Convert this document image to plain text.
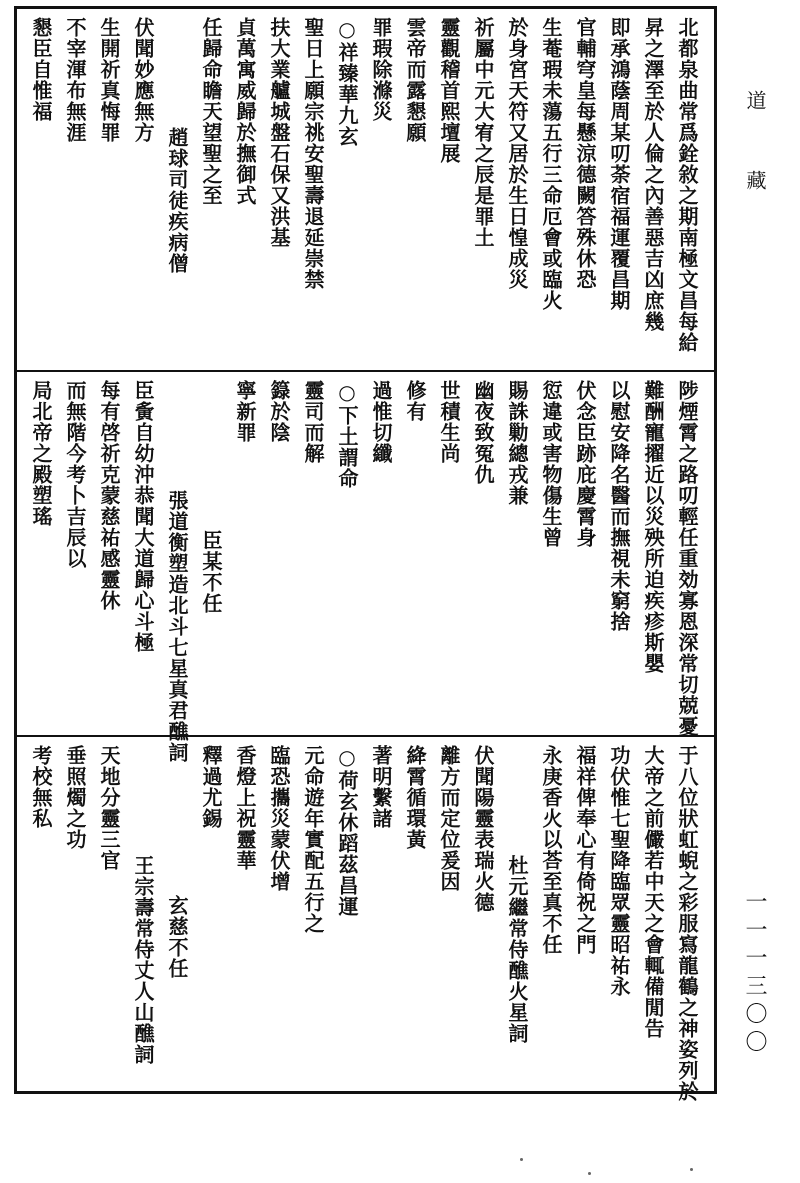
北都泉曲常爲銓敘之期南極文昌每給
昇之澤至於人倫之內善惡吉凶庶幾
即承鴻蔭周某叨荼宿福運覆昌期
官輔穹皇每懸涼德闕答殊休恐
生菴瑕未蕩五行三命厄會或臨火
於身宮天符又居於生日惶成災
祈屬中元大宥之辰是罪土
靈觀稽首熙壇展
雲帝而露懇願
罪瑕除滌災
○ 祥臻華九玄
聖日上願宗祧安聖壽退延崇禁
扶大業艫城盤石保又洪基
貞萬寓威歸於撫御式
任歸命瞻天望聖之至
趙球司徒疾病僧
伏聞妙應無方
生開祈真悔罪
不宰渾布無涯
懇臣自惟福
陟煙霄之路叨輕任重効寡恩深常切兢憂
難酬寵擢近以災殃所迫疾疹斯嬰
以慰安降名醫而撫視未窮捨
伏念臣跡庇慶霄身
愆違或害物傷生曾
賜誅勦總戎兼
幽夜致冤仇
世積生尚
修有
過惟切纖
○ 下土謂命
靈司而解
籙於陰
寧新罪
臣某不任
張道衡塑造北斗七星真君醮詞
臣夤自幼沖恭聞大道歸心斗極
每有啓祈克蒙慈祐感靈休
而無階今考卜吉辰以
局北帝之殿塑瑤
于八位狀虹蜺之彩服寫龍鶴之神姿列於
大帝之前儼若中天之會輒備閒告
功伏惟七聖降臨眾靈昭祐永
福祥俾奉心有倚祝之門
永庚香火以荅至真不任
杜元繼常侍醮火星詞
伏聞陽靈表瑞火德
離方而定位爰因
絳霄循環黃
著明繫諸
○ 荷玄休蹈茲昌運
元命遊年實配五行之
臨恐攜災蒙伏增
香燈上祝靈華
釋過尤錫
玄慈不任
王宗壽常侍丈人山醮詞
天地分靈三官
垂照燭之功
考校無私
道藏
一一一三〇〇
